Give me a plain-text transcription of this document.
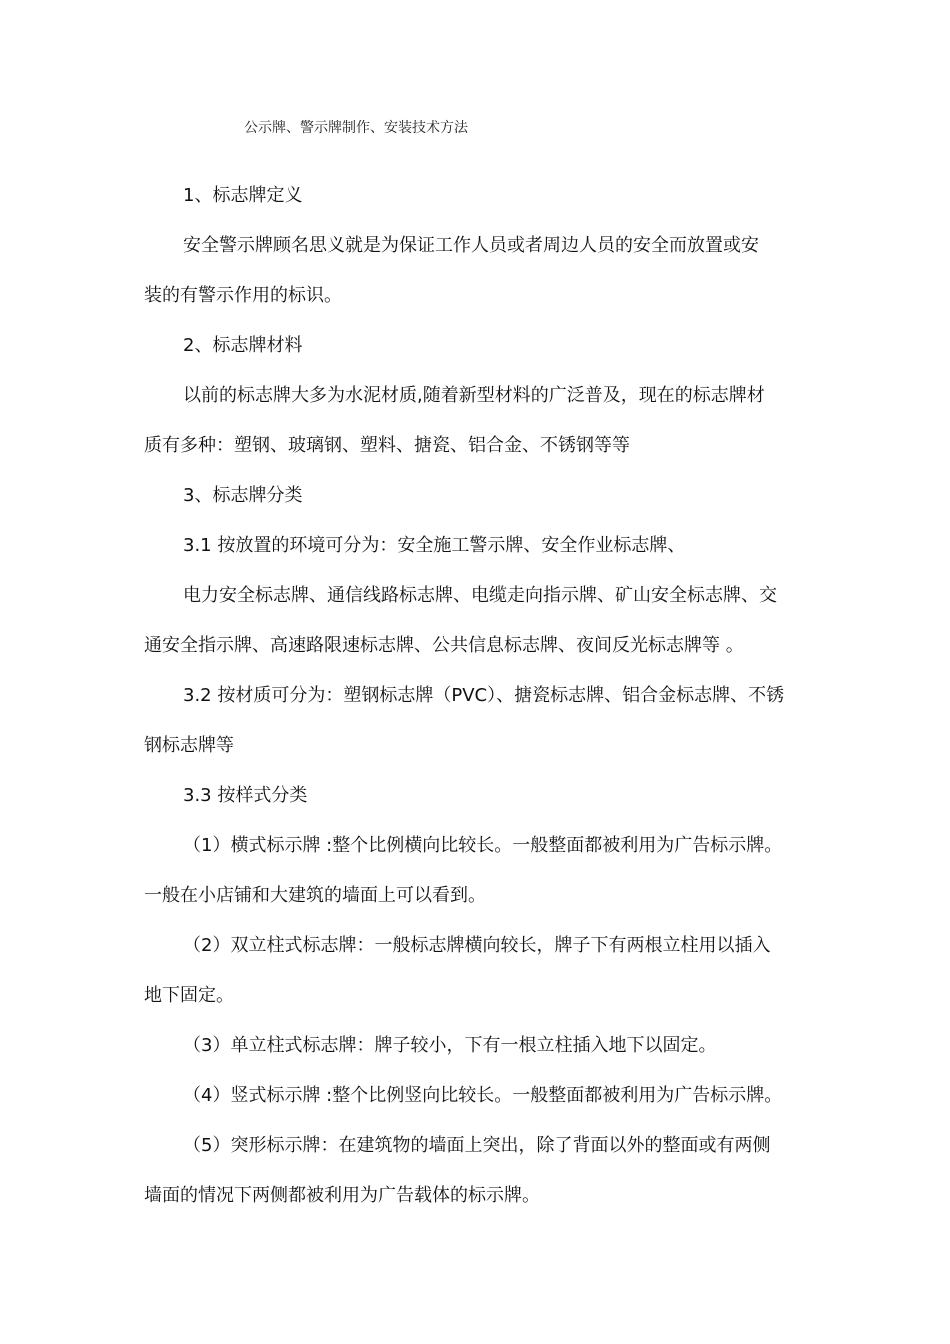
公示牌、警示牌制作、安装技术方法
1、标志牌定义
安全警示牌顾名思义就是为保证工作人员或者周边人员的安全而放置或安
装的有警示作用的标识。
2、标志牌材料
以前的标志牌大多为水泥材质,随着新型材料的广泛普及，现在的标志牌材
质有多种：塑钢、玻璃钢、塑料、搪瓷、铝合金、不锈钢等等
3、标志牌分类
3.1 按放置的环境可分为：安全施工警示牌、安全作业标志牌、
电力安全标志牌、通信线路标志牌、电缆走向指示牌、矿山安全标志牌、交
通安全指示牌、高速路限速标志牌、公共信息标志牌、夜间反光标志牌等 。
3.2 按材质可分为：塑钢标志牌（PVC）、搪瓷标志牌、铝合金标志牌、不锈
钢标志牌等
3.3 按样式分类
（1）横式标示牌 :整个比例横向比较长。一般整面都被利用为广告标示牌。
一般在小店铺和大建筑的墙面上可以看到。
（2）双立柱式标志牌：一般标志牌横向较长，牌子下有两根立柱用以插入
地下固定。
（3）单立柱式标志牌：牌子较小，下有一根立柱插入地下以固定。
（4）竖式标示牌 :整个比例竖向比较长。一般整面都被利用为广告标示牌。
（5）突形标示牌：在建筑物的墙面上突出，除了背面以外的整面或有两侧
墙面的情况下两侧都被利用为广告载体的标示牌。
